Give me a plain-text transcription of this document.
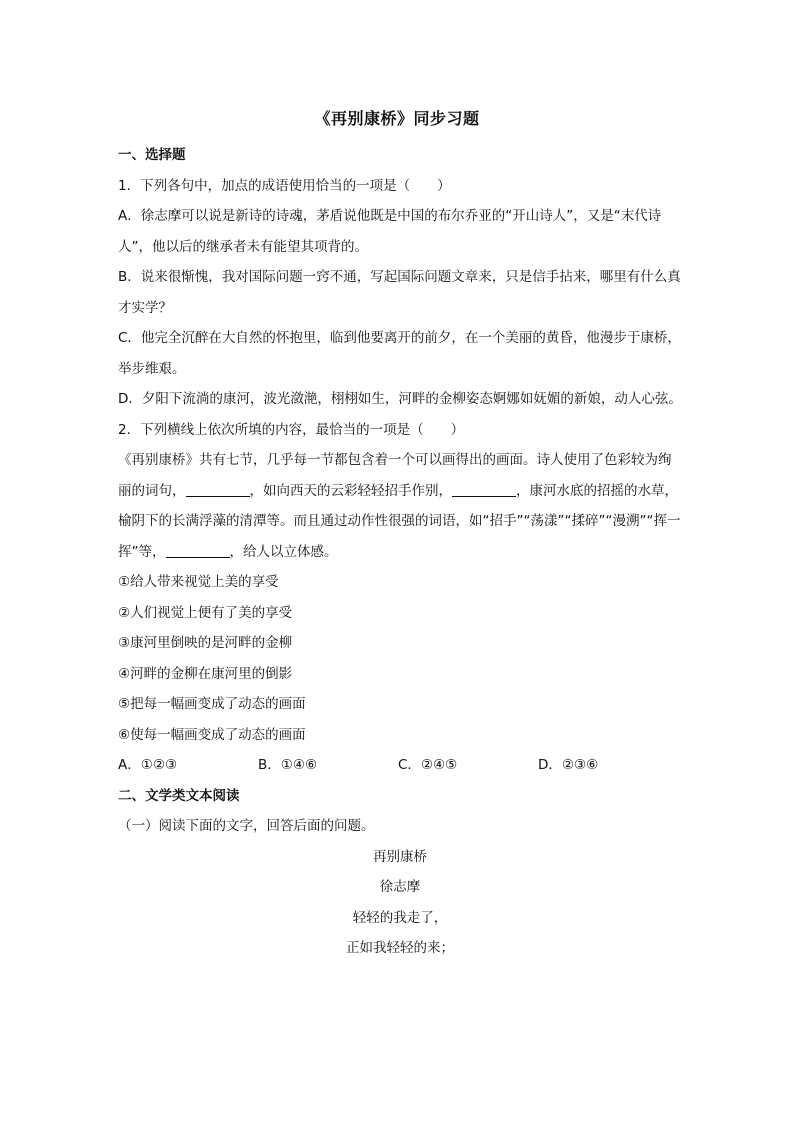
《再别康桥》同步习题

一、选择题

1．下列各句中，加点的成语使用恰当的一项是（　　）

A．徐志摩可以说是新诗的诗魂，茅盾说他既是中国的布尔乔亚的“开山诗人”，又是“末代诗人”，他以后的继承者未有能望其项背的。

B．说来很惭愧，我对国际问题一窍不通，写起国际问题文章来，只是信手拈来，哪里有什么真才实学？

C．他完全沉醉在大自然的怀抱里，临到他要离开的前夕，在一个美丽的黄昏，他漫步于康桥，举步维艰。

D．夕阳下流淌的康河，波光潋滟，栩栩如生，河畔的金柳姿态婀娜如妩媚的新娘，动人心弦。

2．下列横线上依次所填的内容，最恰当的一项是（　　）

《再别康桥》共有七节，几乎每一节都包含着一个可以画得出的画面。诗人使用了色彩较为绚丽的词句，	，如向西天的云彩轻轻招手作别，	，康河水底的招摇的水草，榆阴下的长满浮藻的清潭等。而且通过动作性很强的词语，如“招手”“荡漾”“揉碎”“漫溯”“挥一挥”等，	，给人以立体感。

①给人带来视觉上美的享受

②人们视觉上便有了美的享受

③康河里倒映的是河畔的金柳

④河畔的金柳在康河里的倒影

⑤把每一幅画变成了动态的画面

⑥使每一幅画变成了动态的画面

A．①②③	B．①④⑥	C．②④⑤	D．②③⑥

二、文学类文本阅读

（一）阅读下面的文字，回答后面的问题。

再别康桥

徐志摩

轻轻的我走了，

正如我轻轻的来；
